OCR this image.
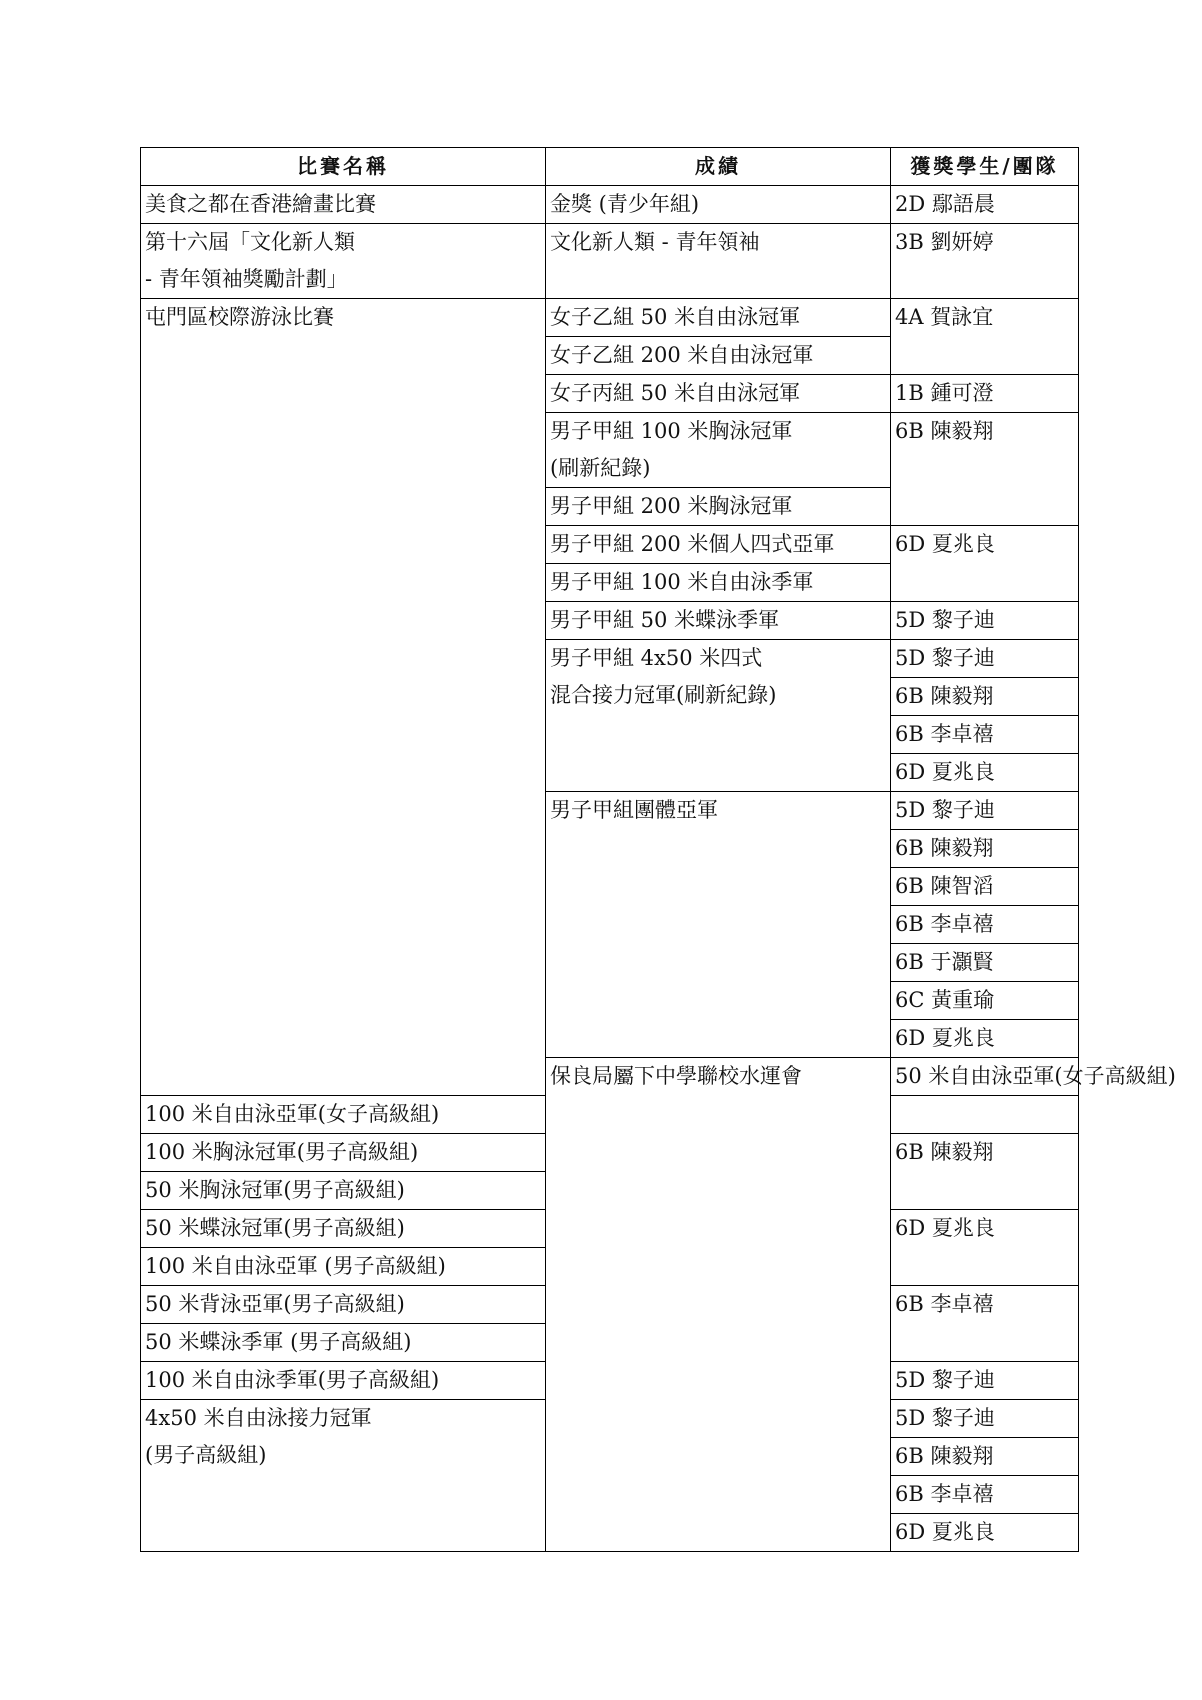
比賽名稱	成績	獲獎學生/團隊	
美食之都在香港繪畫比賽	金獎 (青少年組)	2D 鄢語晨	

第十六屆「文化新人類
- 青年領袖獎勵計劃」	文化新人類 - 青年領袖	3B 劉妍婷	
屯門區校際游泳比賽	女子乙組 50 米自由泳冠軍	4A 賀詠宜	
	女子乙組 200 米自由泳冠軍		
	女子丙組 50 米自由泳冠軍	1B 鍾可澄	

	男子甲組 100 米胸泳冠軍
(刷新紀錄)	6B 陳毅翔	
	男子甲組 200 米胸泳冠軍		
	男子甲組 200 米個人四式亞軍	6D 夏兆良	
	男子甲組 100 米自由泳季軍		
	男子甲組 50 米蝶泳季軍	5D 黎子迪	

	男子甲組 4x50 米四式
混合接力冠軍(刷新紀錄)	5D 黎子迪	
		6B 陳毅翔	
		6B 李卓禧	
		6D 夏兆良	
	男子甲組團體亞軍	5D 黎子迪	
		6B 陳毅翔	
		6B 陳智滔	
		6B 李卓禧	
		6B 于灝賢	
		6C 黃重瑜	
		6D 夏兆良	
	保良局屬下中學聯校水運會	50 米自由泳亞軍(女子高級組)	
100 米自由泳亞軍(女子高級組)			
100 米胸泳冠軍(男子高級組)		6B 陳毅翔	
50 米胸泳冠軍(男子高級組)			
50 米蝶泳冠軍(男子高級組)		6D 夏兆良	
100 米自由泳亞軍 (男子高級組)			
50 米背泳亞軍(男子高級組)		6B 李卓禧	
50 米蝶泳季軍 (男子高級組)			
100 米自由泳季軍(男子高級組)		5D 黎子迪	

4x50 米自由泳接力冠軍
(男子高級組)		5D 黎子迪	
		6B 陳毅翔	
		6B 李卓禧	
		6D 夏兆良	
